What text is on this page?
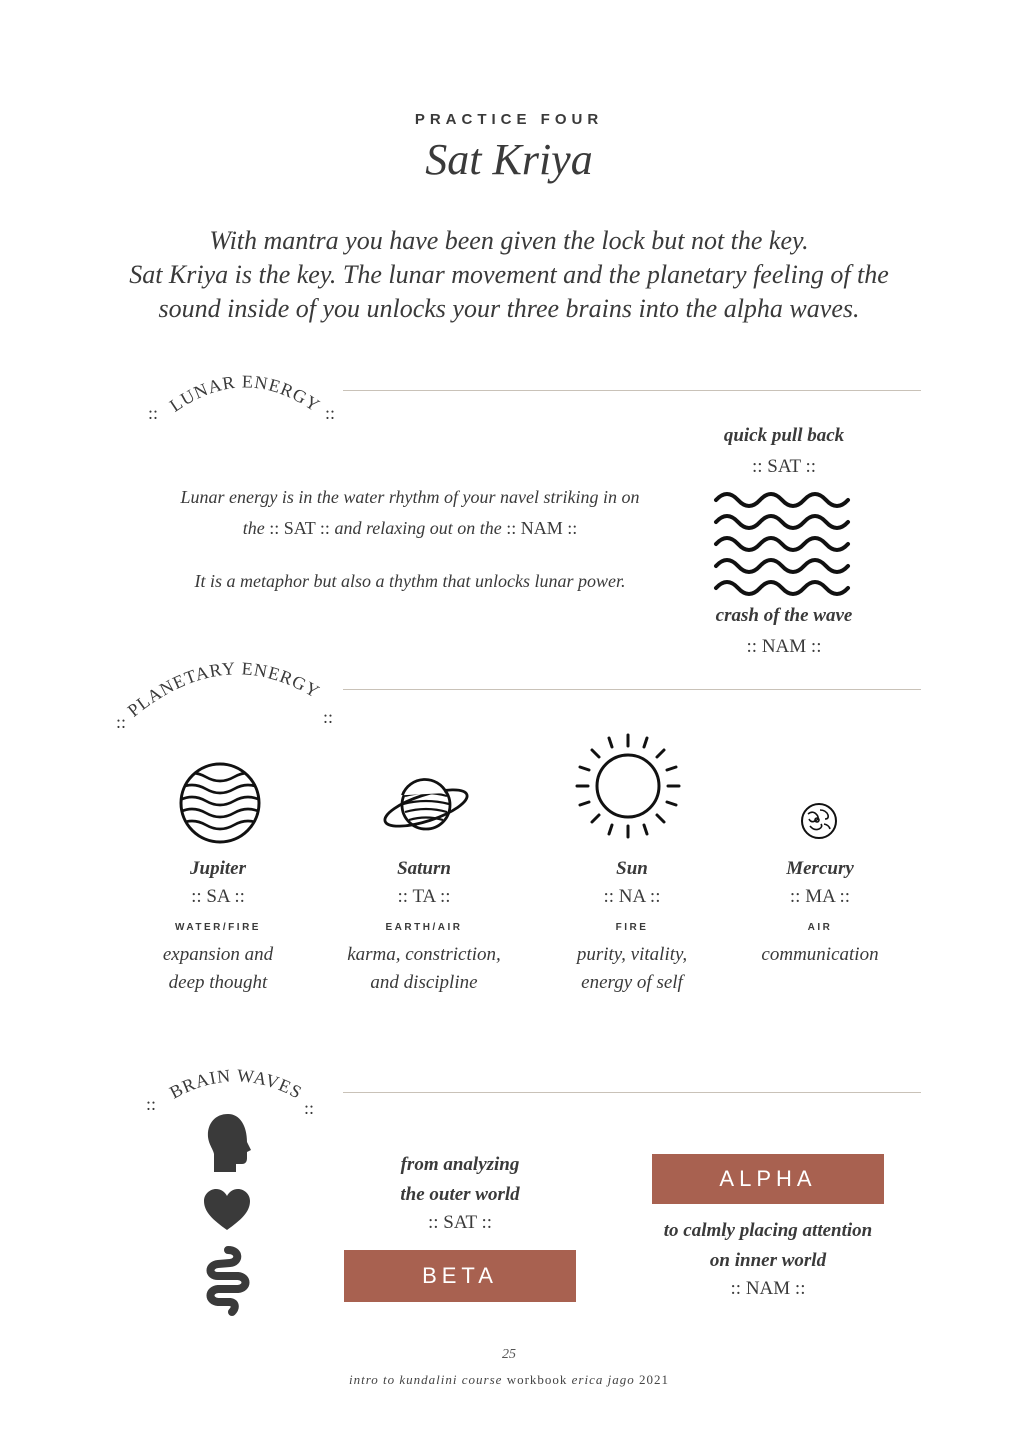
PRACTICE FOUR
Sat Kriya
With mantra you have been given the lock but not the key.
Sat Kriya is the key. The lunar movement and the planetary feeling of the
sound inside of you unlocks your three brains into the alpha waves.
LUNAR ENERGY
::	::
Lunar energy is in the water rhythm of your navel striking in on
the :: SAT :: and relaxing out on the :: NAM ::
It is a metaphor but also a thythm that unlocks lunar power.
quick pull back
:: SAT ::
crash of the wave
:: NAM ::
PLANETARY ENERGY
::	::
Jupiter
:: SA ::
WATER/FIRE
expansion and
deep thought
Saturn
:: TA ::
EARTH/AIR
karma, constriction,
and discipline
Sun
:: NA ::
FIRE
purity, vitality,
energy of self
Mercury
:: MA ::
AIR
communication
BRAIN WAVES
::	::
from analyzing
the outer world
:: SAT ::
BETA
ALPHA
to calmly placing attention
on inner world
:: NAM ::
25
intro to kundalini course workbook erica jago 2021
